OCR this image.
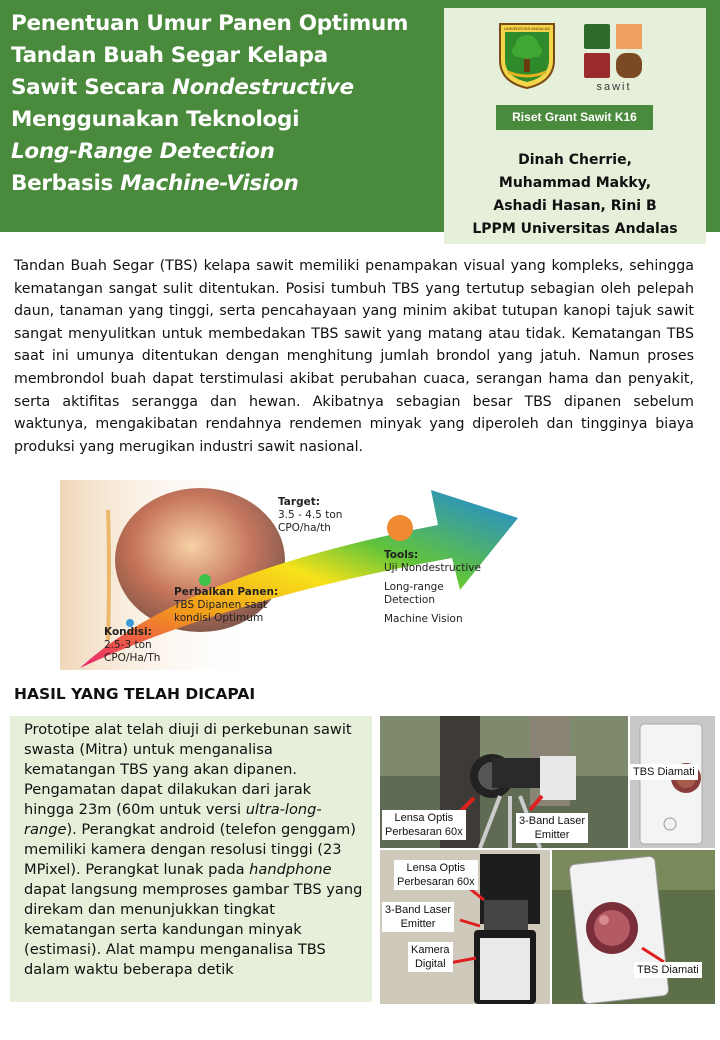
Penentuan Umur Panen Optimum
Tandan Buah Segar Kelapa
Sawit Secara Nondestructive
Menggunakan Teknologi
Long-Range Detection
Berbasis Machine-Vision
UNIVERSITAS ANDALAS
sawit
Riset Grant Sawit K16
Dinah Cherrie,
Muhammad Makky,
Ashadi Hasan, Rini B
LPPM Universitas Andalas

Tandan Buah Segar (TBS) kelapa sawit memiliki penampakan visual yang kompleks, sehingga kematangan sangat sulit ditentukan. Posisi tumbuh TBS yang tertutup sebagian oleh pelepah daun, tanaman yang tinggi, serta pencahayaan yang minim akibat tutupan kanopi tajuk sawit sangat menyulitkan untuk membedakan TBS sawit yang matang atau tidak. Kematangan TBS saat ini umunya ditentukan dengan menghitung jumlah brondol yang jatuh. Namun proses membrondol buah dapat terstimulasi akibat perubahan cuaca, serangan hama dan penyakit, serta aktifitas serangga dan hewan. Akibatnya sebagian besar TBS dipanen sebelum waktunya, mengakibatan rendahnya rendemen minyak yang diperoleh dan tingginya biaya produksi yang merugikan industri sawit nasional.

Kondisi:
2.5-3 ton
CPO/Ha/Th
Perbaikan Panen:
TBS Dipanen saat
kondisi Optimum
Target:
3.5 - 4.5 ton
CPO/ha/th
Tools:
Uji Nondestructive
Long-range
Detection
Machine Vision
HASIL YANG TELAH DICAPAI

Prototipe alat telah diuji di perkebunan sawit swasta (Mitra) untuk menganalisa kematangan TBS yang akan dipanen. Pengamatan dapat dilakukan dari jarak hingga 23m (60m untuk versi ultra-long-range). Perangkat android (telefon genggam) memiliki kamera dengan resolusi tinggi (23 MPixel). Perangkat lunak pada handphone dapat langsung memproses gambar TBS yang direkam dan menunjukkan tingkat kematangan serta kandungan minyak (estimasi). Alat mampu menganalisa TBS dalam waktu beberapa detik

Lensa Optis
Perbesaran 60x
3-Band Laser
Emitter
TBS Diamati
Lensa Optis
Perbesaran 60x
3-Band Laser
Emitter
Kamera
Digital	TBS Diamati
